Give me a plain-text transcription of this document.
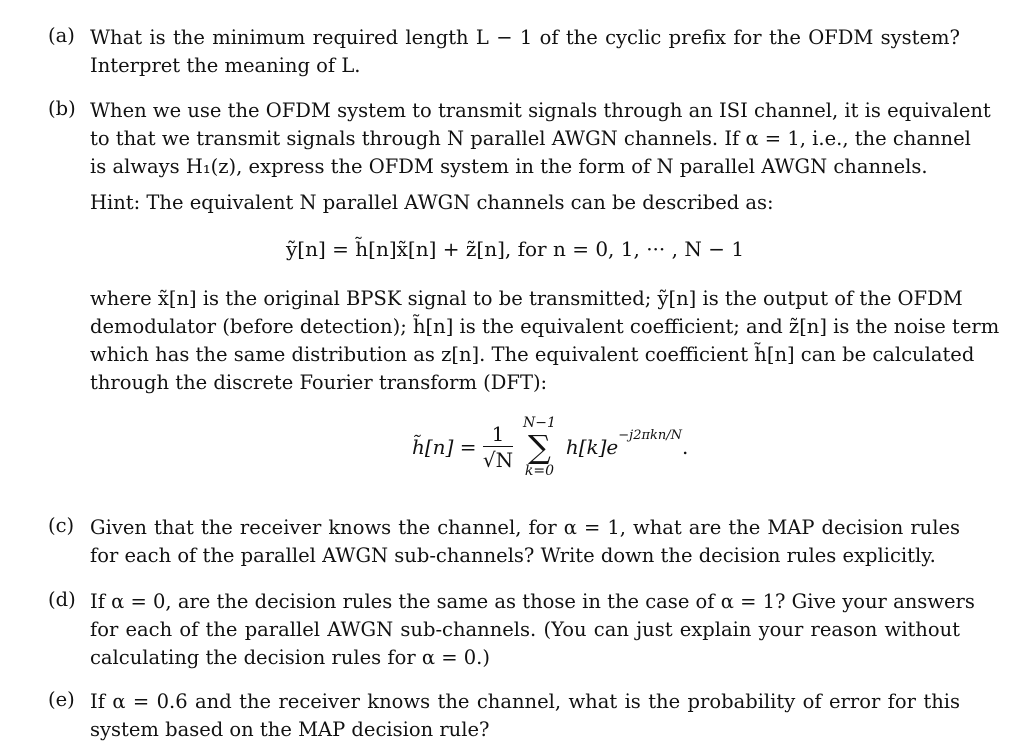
(a) What is the minimum required length L − 1 of the cyclic prefix for the OFDM system?
Interpret the meaning of L.
(b) When we use the OFDM system to transmit signals through an ISI channel, it is equivalent
to that we transmit signals through N parallel AWGN channels. If α = 1, i.e., the channel
is always H₁(z), express the OFDM system in the form of N parallel AWGN channels.
Hint: The equivalent N parallel AWGN channels can be described as:
ỹ[n] = h̃[n]x̃[n] + z̃[n], for n = 0, 1, ··· , N − 1
where x̃[n] is the original BPSK signal to be transmitted; ỹ[n] is the output of the OFDM
demodulator (before detection); h̃[n] is the equivalent coefficient; and z̃[n] is the noise term
which has the same distribution as z[n]. The equivalent coefficient h̃[n] can be calculated
through the discrete Fourier transform (DFT):
h̃[n] = $\frac{1}{√N}$
N−1
∑
k=0
$h[k]e^{-j2\pi kn/N}$.
(c) Given that the receiver knows the channel, for α = 1, what are the MAP decision rules
for each of the parallel AWGN sub-channels? Write down the decision rules explicitly.
(d) If α = 0, are the decision rules the same as those in the case of α = 1? Give your answers
for each of the parallel AWGN sub-channels. (You can just explain your reason without
calculating the decision rules for α = 0.)
(e) If α = 0.6 and the receiver knows the channel, what is the probability of error for this
system based on the MAP decision rule?
